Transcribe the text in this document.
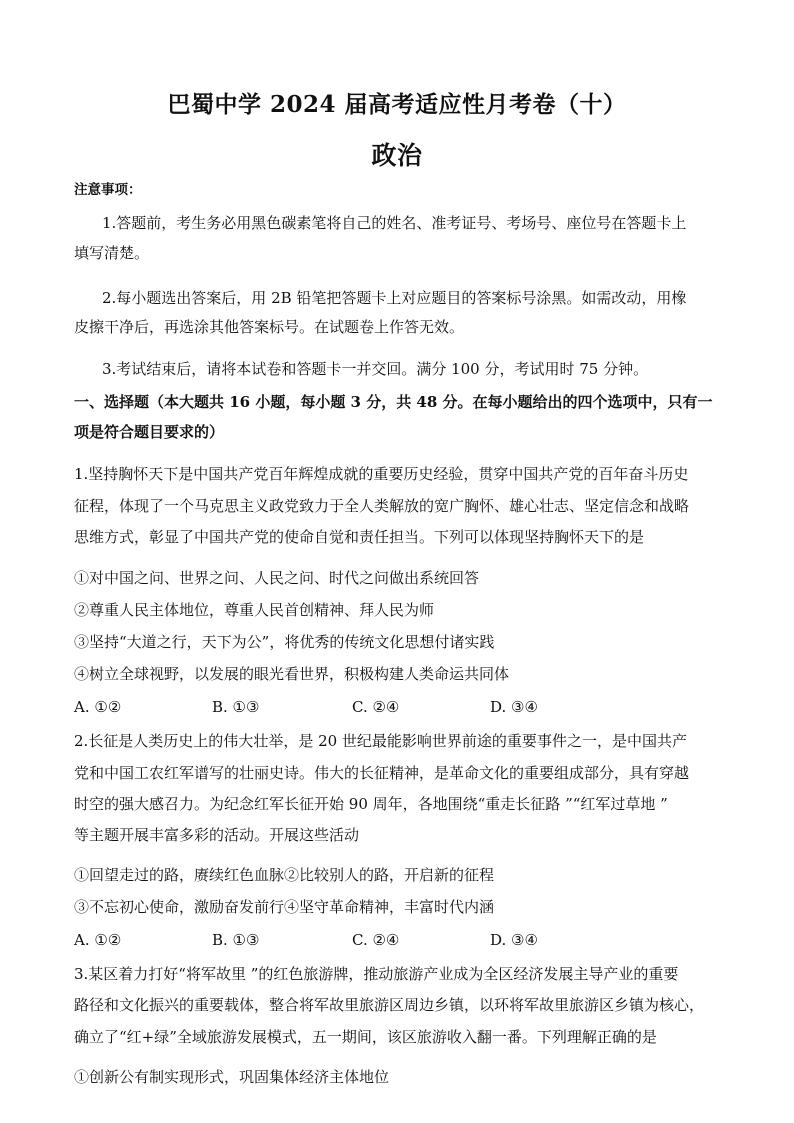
巴蜀中学 2024 届高考适应性月考卷（十）
政治
注意事项：
1.答题前，考生务必用黑色碳素笔将自己的姓名、准考证号、考场号、座位号在答题卡上
填写清楚。
2.每小题选出答案后，用 2B 铅笔把答题卡上对应题目的答案标号涂黑。如需改动，用橡
皮擦干净后，再选涂其他答案标号。在试题卷上作答无效。
3.考试结束后，请将本试卷和答题卡一并交回。满分 100 分，考试用时 75 分钟。
一、选择题（本大题共 16 小题，每小题 3 分，共 48 分。在每小题给出的四个选项中，只有一
项是符合题目要求的）
1.坚持胸怀天下是中国共产党百年辉煌成就的重要历史经验，贯穿中国共产党的百年奋斗历史
征程，体现了一个马克思主义政党致力于全人类解放的宽广胸怀、雄心壮志、坚定信念和战略
思维方式，彰显了中国共产党的使命自觉和责任担当。下列可以体现坚持胸怀天下的是
①对中国之问、世界之问、人民之问、时代之问做出系统回答
②尊重人民主体地位，尊重人民首创精神、拜人民为师
③坚持“大道之行，天下为公”，将优秀的传统文化思想付诸实践
④树立全球视野，以发展的眼光看世界，积极构建人类命运共同体
A. ①②	B. ①③	C. ②④	D. ③④
2.长征是人类历史上的伟大壮举，是 20 世纪最能影响世界前途的重要事件之一，是中国共产
党和中国工农红军谱写的壮丽史诗。伟大的长征精神，是革命文化的重要组成部分，具有穿越
时空的强大感召力。为纪念红军长征开始 90 周年，各地围绕“重走长征路 ”“红军过草地 ”
等主题开展丰富多彩的活动。开展这些活动
①回望走过的路，赓续红色血脉②比较别人的路，开启新的征程
③不忘初心使命，激励奋发前行④坚守革命精神，丰富时代内涵
A. ①②	B. ①③	C. ②④	D. ③④
3.某区着力打好“将军故里 ”的红色旅游牌，推动旅游产业成为全区经济发展主导产业的重要
路径和文化振兴的重要载体，整合将军故里旅游区周边乡镇，以环将军故里旅游区乡镇为核心，
确立了“红+绿”全域旅游发展模式，五一期间，该区旅游收入翻一番。下列理解正确的是
①创新公有制实现形式，巩固集体经济主体地位
